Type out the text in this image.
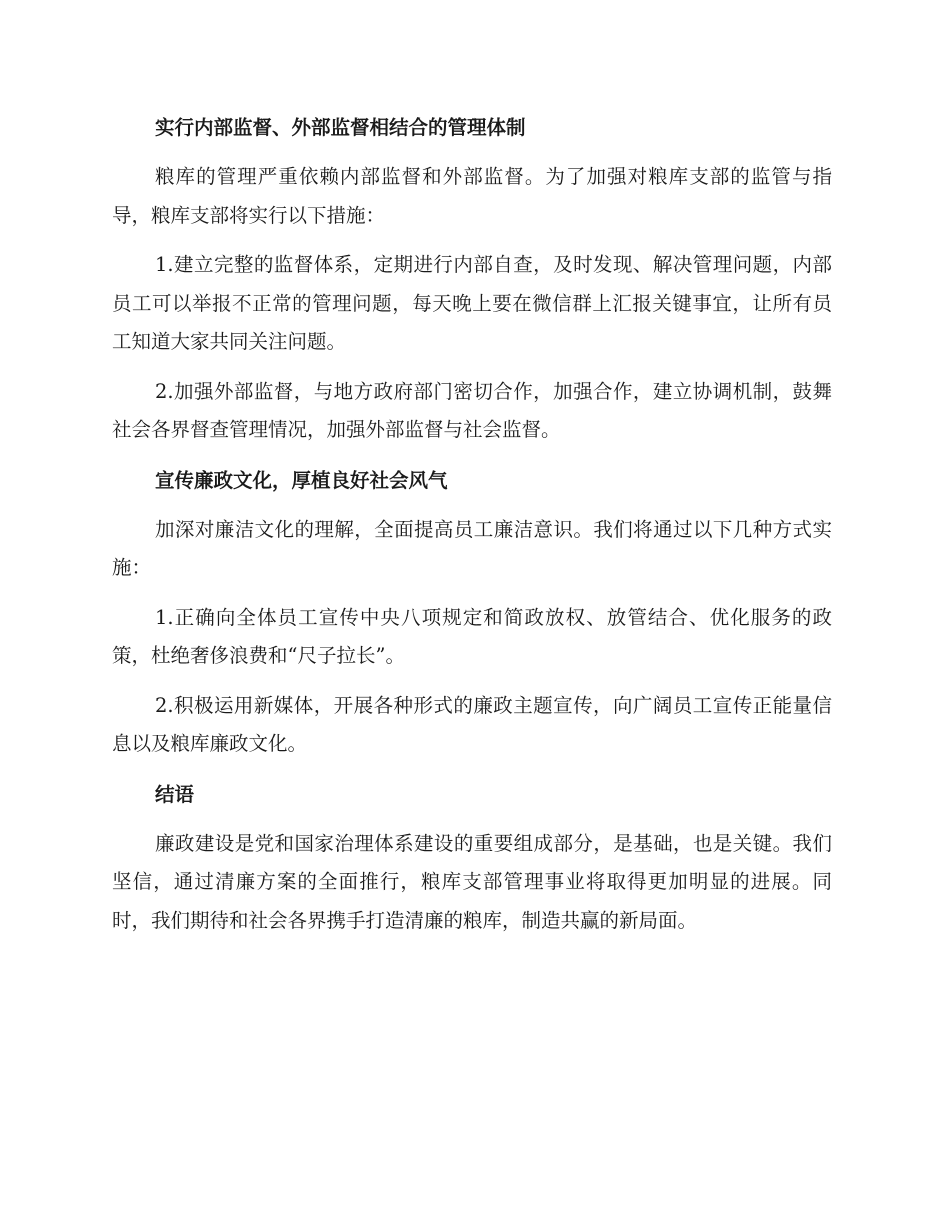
实行内部监督、外部监督相结合的管理体制

粮库的管理严重依赖内部监督和外部监督。为了加强对粮库支部的监管与指导，粮库支部将实行以下措施：

1.建立完整的监督体系，定期进行内部自查，及时发现、解决管理问题，内部员工可以举报不正常的管理问题，每天晚上要在微信群上汇报关键事宜，让所有员工知道大家共同关注问题。

2.加强外部监督，与地方政府部门密切合作，加强合作，建立协调机制，鼓舞社会各界督查管理情况，加强外部监督与社会监督。

宣传廉政文化，厚植良好社会风气

加深对廉洁文化的理解，全面提高员工廉洁意识。我们将通过以下几种方式实施：

1.正确向全体员工宣传中央八项规定和简政放权、放管结合、优化服务的政策，杜绝奢侈浪费和“尺子拉长”。

2.积极运用新媒体，开展各种形式的廉政主题宣传，向广阔员工宣传正能量信息以及粮库廉政文化。

结语

廉政建设是党和国家治理体系建设的重要组成部分，是基础，也是关键。我们坚信，通过清廉方案的全面推行，粮库支部管理事业将取得更加明显的进展。同时，我们期待和社会各界携手打造清廉的粮库，制造共赢的新局面。
